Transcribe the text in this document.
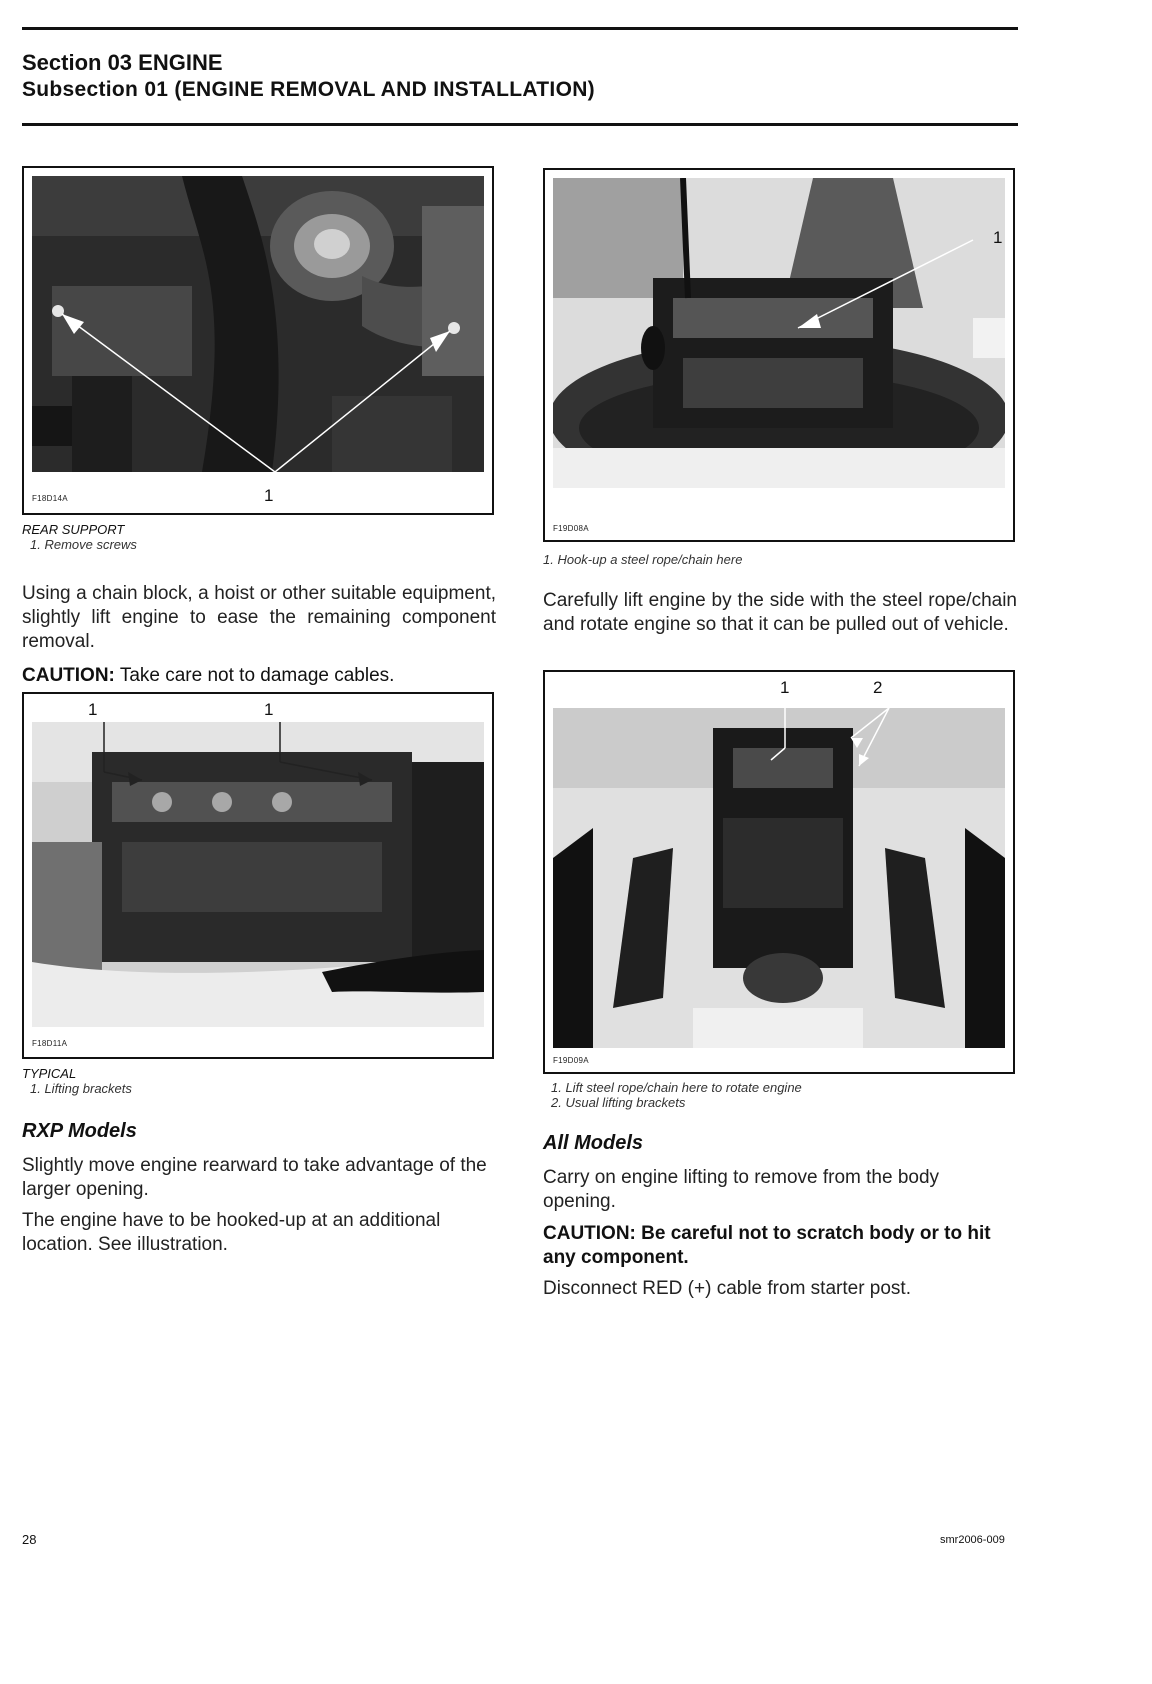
Section 03 ENGINE
Subsection 01 (ENGINE REMOVAL AND INSTALLATION)
F18D14A	1

REAR SUPPORT

1. Remove screws

F19D08A
1

1. Hook-up a steel rope/chain here

Using a chain block, a hoist or other suitable equipment, slightly lift engine to ease the remaining component removal.

CAUTION: Take care not to damage cables.

Carefully lift engine by the side with the steel rope/chain and rotate engine so that it can be pulled out of vehicle.

F18D11A
1	1

TYPICAL

1. Lifting brackets

F19D09A
1	2

1. Lift steel rope/chain here to rotate engine

2. Usual lifting brackets

RXP Models

Slightly move engine rearward to take advantage of the larger opening.

The engine have to be hooked-up at an additional location. See illustration.

All Models

Carry on engine lifting to remove from the body opening.

CAUTION: Be careful not to scratch body or to hit any component.

Disconnect RED (+) cable from starter post.

28	smr2006-009
